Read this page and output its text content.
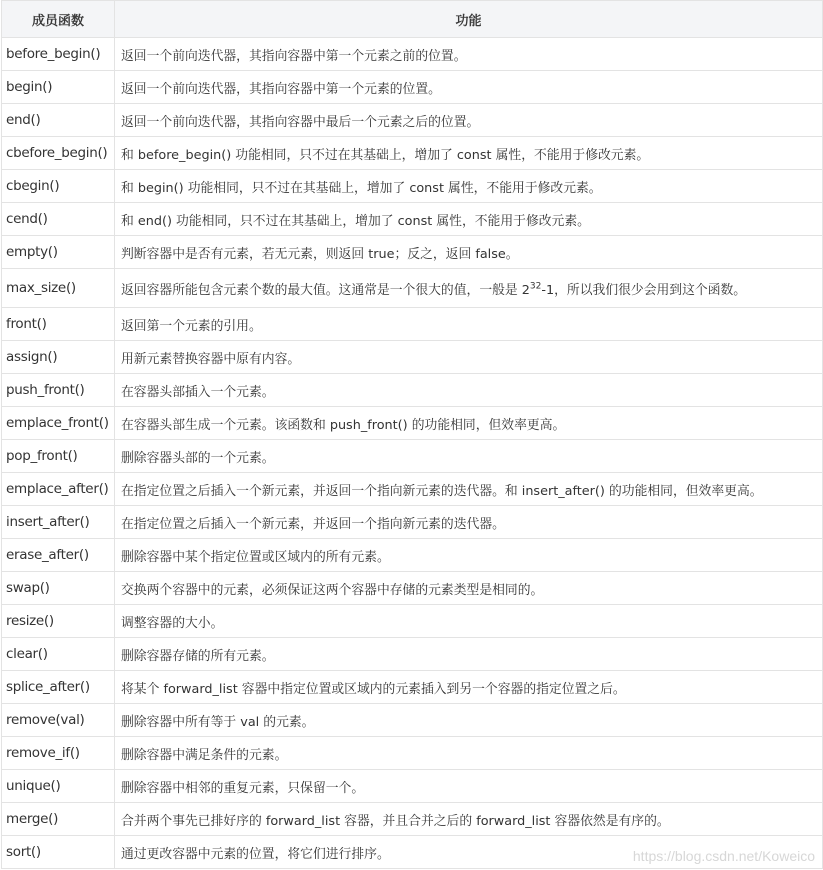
成员函数	功能
before_begin()	返回一个前向迭代器，其指向容器中第一个元素之前的位置。
begin()	返回一个前向迭代器，其指向容器中第一个元素的位置。
end()	返回一个前向迭代器，其指向容器中最后一个元素之后的位置。
cbefore_begin()	和 before_begin() 功能相同，只不过在其基础上，增加了 const 属性，不能用于修改元素。
cbegin()	和 begin() 功能相同，只不过在其基础上，增加了 const 属性，不能用于修改元素。
cend()	和 end() 功能相同，只不过在其基础上，增加了 const 属性，不能用于修改元素。
empty()	判断容器中是否有元素，若无元素，则返回 true；反之，返回 false。
max_size()	返回容器所能包含元素个数的最大值。这通常是一个很大的值，一般是 $2^{32}-1$，所以我们很少会用到这个函数。
front()	返回第一个元素的引用。
assign()	用新元素替换容器中原有内容。
push_front()	在容器头部插入一个元素。
emplace_front()	在容器头部生成一个元素。该函数和 push_front() 的功能相同，但效率更高。
pop_front()	删除容器头部的一个元素。
emplace_after()	在指定位置之后插入一个新元素，并返回一个指向新元素的迭代器。和 insert_after() 的功能相同，但效率更高。
insert_after()	在指定位置之后插入一个新元素，并返回一个指向新元素的迭代器。
erase_after()	删除容器中某个指定位置或区域内的所有元素。
swap()	交换两个容器中的元素，必须保证这两个容器中存储的元素类型是相同的。
resize()	调整容器的大小。
clear()	删除容器存储的所有元素。
splice_after()	将某个 forward_list 容器中指定位置或区域内的元素插入到另一个容器的指定位置之后。
remove(val)	删除容器中所有等于 val 的元素。
remove_if()	删除容器中满足条件的元素。
unique()	删除容器中相邻的重复元素，只保留一个。
merge()	合并两个事先已排好序的 forward_list 容器，并且合并之后的 forward_list 容器依然是有序的。
sort()	通过更改容器中元素的位置，将它们进行排序。	https://blog.csdn.net/Koweico
